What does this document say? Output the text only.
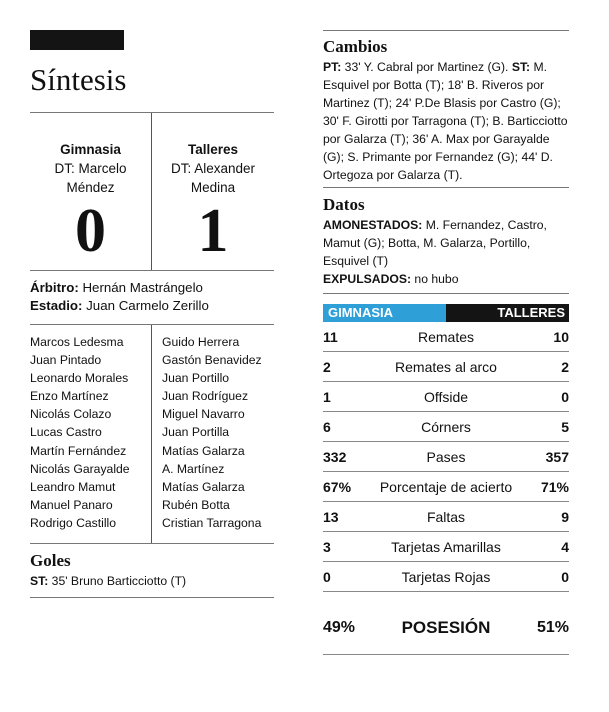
Síntesis
Gimnasia
DT: Marcelo
Méndez
0
Talleres
DT: Alexander
Medina
1
Árbitro: Hernán Mastrángelo
Estadio: Juan Carmelo Zerillo
Marcos Ledesma
Juan Pintado
Leonardo Morales
Enzo Martínez
Nicolás Colazo
Lucas Castro
Martín Fernández
Nicolás Garayalde
Leandro Mamut
Manuel Panaro
Rodrigo Castillo
Guido Herrera
Gastón Benavidez
Juan Portillo
Juan Rodríguez
Miguel Navarro
Juan Portilla
Matías Galarza
A. Martínez
Matías Galarza
Rubén Botta
Cristian Tarragona
Goles
ST: 35' Bruno Barticciotto (T)
Cambios
PT: 33' Y. Cabral por Martinez (G). ST: M. Esquivel por Botta (T); 18' B. Riveros por Martinez (T); 24' P.De Blasis por Castro (G); 30' F. Girotti por Tarragona (T); B. Barticciotto por Galarza (T); 36' A. Max por Garayalde (G); S. Primante por Fernandez (G); 44' D. Ortegoza por Galarza (T).
Datos
AMONESTADOS: M. Fernandez, Castro, Mamut (G); Botta, M. Galarza, Portillo, Esquivel (T)
EXPULSADOS: no hubo
GIMNASIA	TALLERES
11	Remates	10
2	Remates al arco	2
1	Offside	0
6	Córners	5
332	Pases	357
67%	Porcentaje de acierto	71%
13	Faltas	9
3	Tarjetas Amarillas	4
0	Tarjetas Rojas	0
49%	POSESIÓN	51%
